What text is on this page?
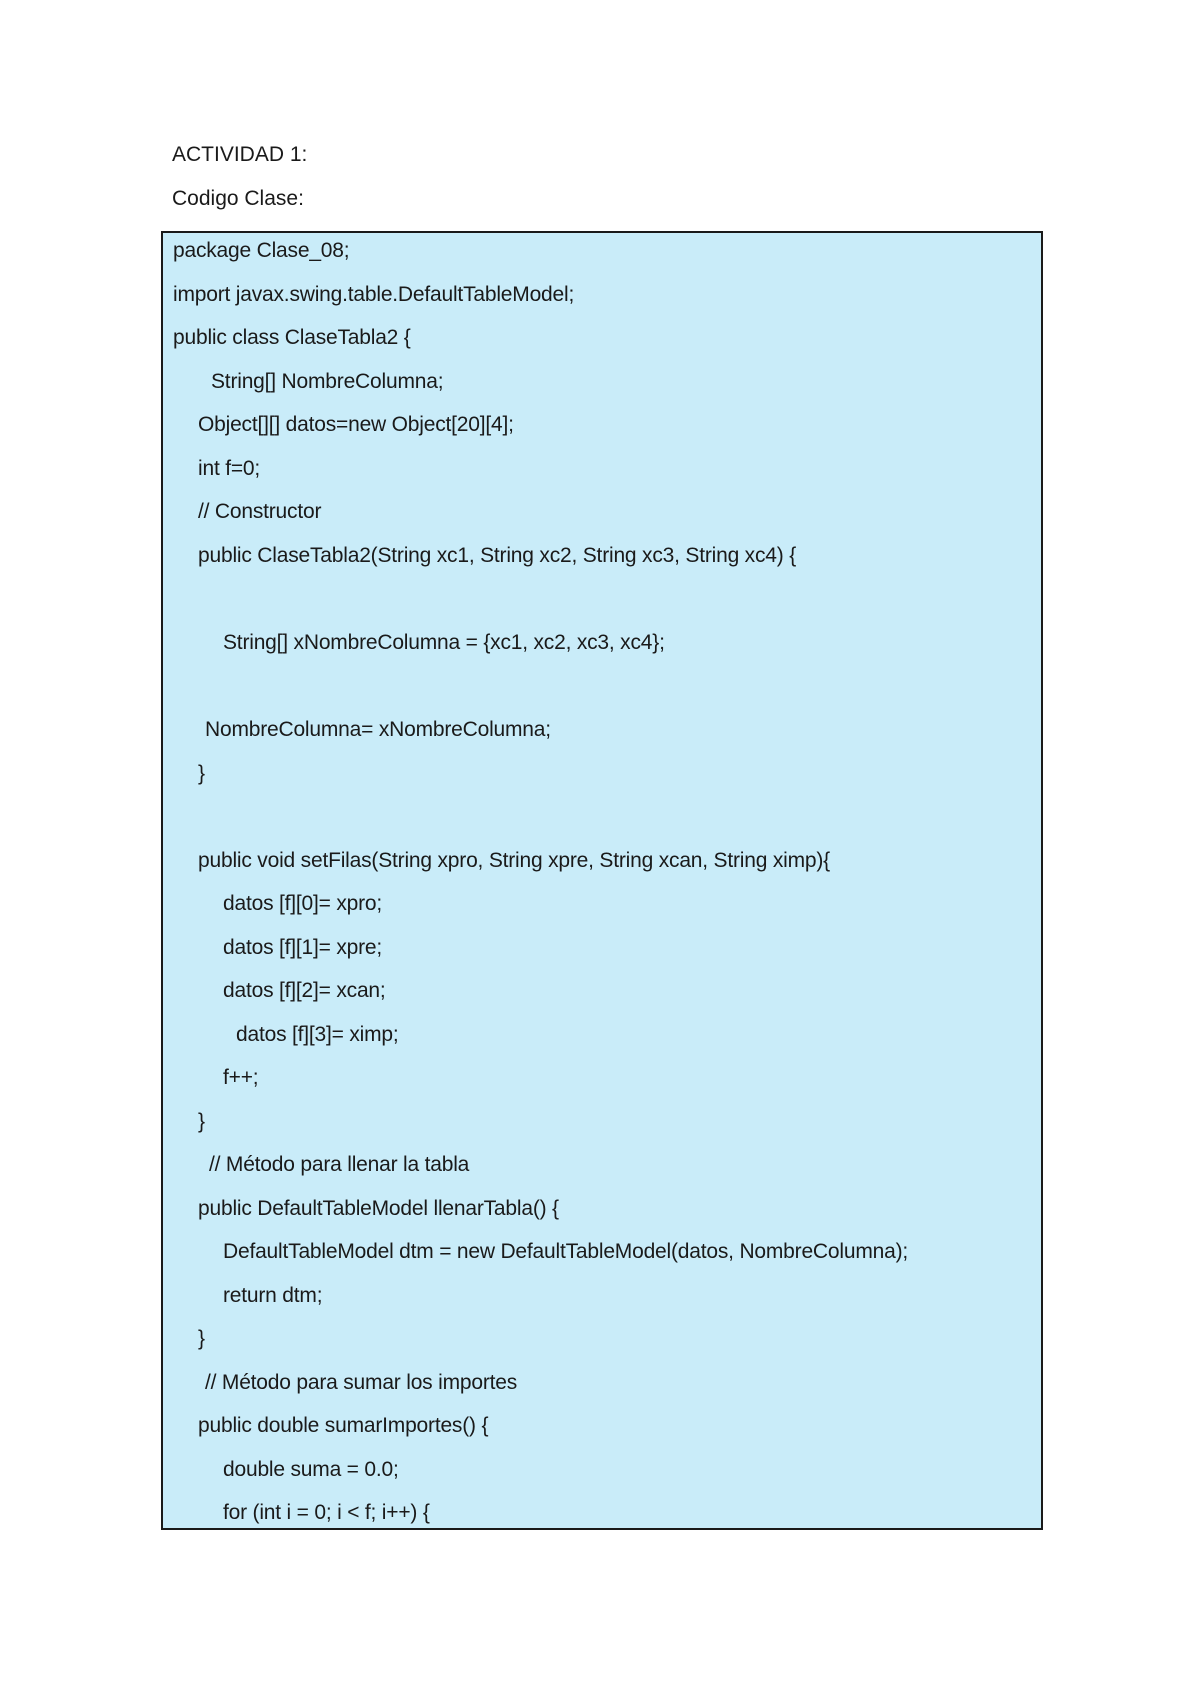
ACTIVIDAD 1:
Codigo Clase:
package Clase_08;
import javax.swing.table.DefaultTableModel;
public class ClaseTabla2 {
String[] NombreColumna;
Object[][] datos=new Object[20][4];
int f=0;
// Constructor
public ClaseTabla2(String xc1, String xc2, String xc3, String xc4) {
String[] xNombreColumna = {xc1, xc2, xc3, xc4};
NombreColumna= xNombreColumna;
}
public void setFilas(String xpro, String xpre, String xcan, String ximp){
datos [f][0]= xpro;
datos [f][1]= xpre;
datos [f][2]= xcan;
datos [f][3]= ximp;
f++;
}
// Método para llenar la tabla
public DefaultTableModel llenarTabla() {
DefaultTableModel dtm = new DefaultTableModel(datos, NombreColumna);
return dtm;
}
// Método para sumar los importes
public double sumarImportes() {
double suma = 0.0;
for (int i = 0; i < f; i++) {
